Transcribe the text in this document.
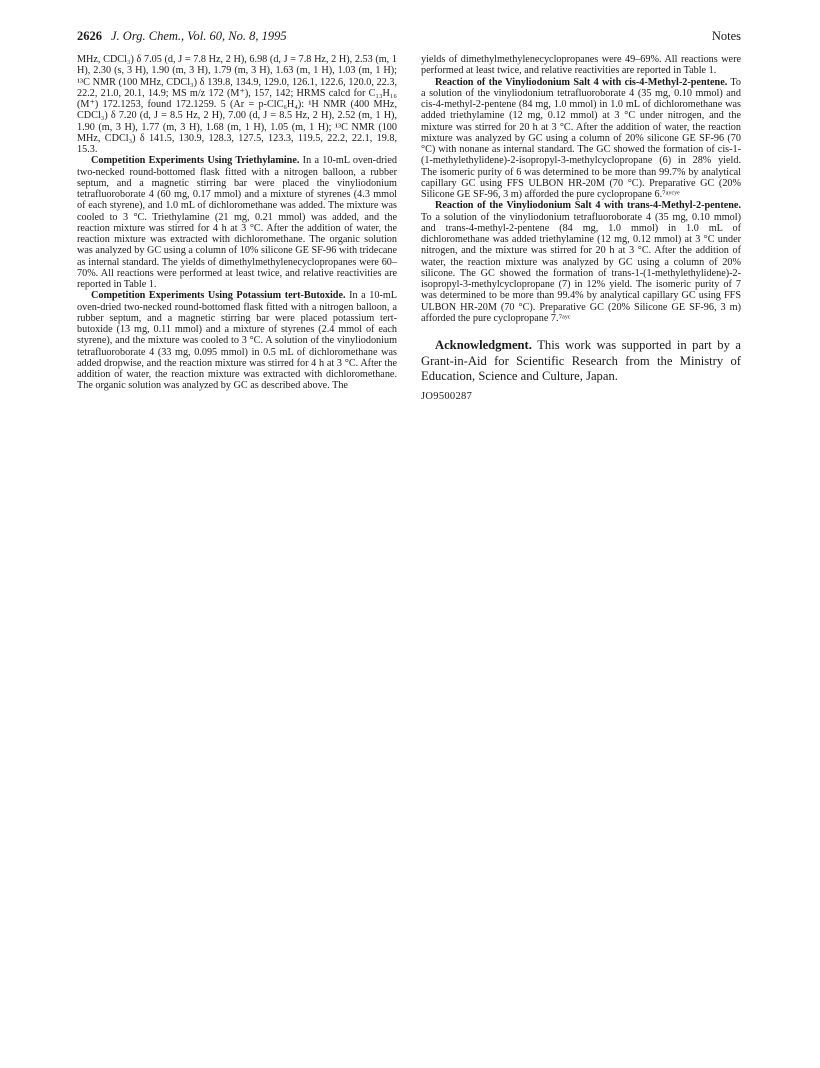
2626 J. Org. Chem., Vol. 60, No. 8, 1995	Notes

MHz, CDCl₃) δ 7.05 (d, J = 7.8 Hz, 2 H), 6.98 (d, J = 7.8 Hz, 2 H), 2.53 (m, 1 H), 2.30 (s, 3 H), 1.90 (m, 3 H), 1.79 (m, 3 H), 1.63 (m, 1 H), 1.03 (m, 1 H); ¹³C NMR (100 MHz, CDCl₃) δ 139.8, 134.9, 129.0, 126.1, 122.6, 120.0, 22.3, 22.2, 21.0, 20.1, 14.9; MS m/z 172 (M⁺), 157, 142; HRMS calcd for C₁₃H₁₆ (M⁺) 172.1253, found 172.1259. 5 (Ar = p-ClC₆H₄): ¹H NMR (400 MHz, CDCl₃) δ 7.20 (d, J = 8.5 Hz, 2 H), 7.00 (d, J = 8.5 Hz, 2 H), 2.52 (m, 1 H), 1.90 (m, 3 H), 1.77 (m, 3 H), 1.68 (m, 1 H), 1.05 (m, 1 H); ¹³C NMR (100 MHz, CDCl₃) δ 141.5, 130.9, 128.3, 127.5, 123.3, 119.5, 22.2, 22.1, 19.8, 15.3.

Competition Experiments Using Triethylamine. In a 10-mL oven-dried two-necked round-bottomed flask fitted with a nitrogen balloon, a rubber septum, and a magnetic stirring bar were placed the vinyliodonium tetrafluoroborate 4 (60 mg, 0.17 mmol) and a mixture of styrenes (4.3 mmol of each styrene), and 1.0 mL of dichloromethane was added. The mixture was cooled to 3 °C. Triethylamine (21 mg, 0.21 mmol) was added, and the reaction mixture was stirred for 4 h at 3 °C. After the addition of water, the reaction mixture was extracted with dichloromethane. The organic solution was analyzed by GC using a column of 10% silicone GE SF-96 with tridecane as internal standard. The yields of dimethylmethylenecyclopropanes were 60–70%. All reactions were performed at least twice, and relative reactivities are reported in Table 1.

Competition Experiments Using Potassium tert-Butoxide. In a 10-mL oven-dried two-necked round-bottomed flask fitted with a nitrogen balloon, a rubber septum, and a magnetic stirring bar were placed potassium tert-butoxide (13 mg, 0.11 mmol) and a mixture of styrenes (2.4 mmol of each styrene), and the mixture was cooled to 3 °C. A solution of the vinyliodonium tetrafluoroborate 4 (33 mg, 0.095 mmol) in 0.5 mL of dichloromethane was added dropwise, and the reaction mixture was stirred for 4 h at 3 °C. After the addition of water, the reaction mixture was extracted with dichloromethane. The organic solution was analyzed by GC as described above. The

yields of dimethylmethylenecyclopropanes were 49–69%. All reactions were performed at least twice, and relative reactivities are reported in Table 1.

Reaction of the Vinyliodonium Salt 4 with cis-4-Methyl-2-pentene. To a solution of the vinyliodonium tetrafluoroborate 4 (35 mg, 0.10 mmol) and cis-4-methyl-2-pentene (84 mg, 1.0 mmol) in 1.0 mL of dichloromethane was added triethylamine (12 mg, 0.12 mmol) at 3 °C under nitrogen, and the mixture was stirred for 20 h at 3 °C. After the addition of water, the reaction mixture was analyzed by GC using a column of 20% silicone GE SF-96 (70 °C) with nonane as internal standard. The GC showed the formation of cis-1-(1-methylethylidene)-2-isopropyl-3-methylcyclopropane (6) in 28% yield. The isomeric purity of 6 was determined to be more than 99.7% by analytical capillary GC using FFS ULBON HR-20M (70 °C). Preparative GC (20% Silicone GE SF-96, 3 m) afforded the pure cyclopropane 6.⁷ᵃʸᶜʸᵉ

Reaction of the Vinyliodonium Salt 4 with trans-4-Methyl-2-pentene. To a solution of the vinyliodonium tetrafluoroborate 4 (35 mg, 0.10 mmol) and trans-4-methyl-2-pentene (84 mg, 1.0 mmol) in 1.0 mL of dichloromethane was added triethylamine (12 mg, 0.12 mmol) at 3 °C under nitrogen, and the mixture was stirred for 20 h at 3 °C. After the addition of water, the reaction mixture was analyzed by GC using a column of 20% silicone. The GC showed the formation of trans-1-(1-methylethylidene)-2-isopropyl-3-methylcyclopropane (7) in 12% yield. The isomeric purity of 7 was determined to be more than 99.4% by analytical capillary GC using FFS ULBON HR-20M (70 °C). Preparative GC (20% Silicone GE SF-96, 3 m) afforded the pure cyclopropane 7.⁷ᵃʸᶜ

Acknowledgment. This work was supported in part by a Grant-in-Aid for Scientific Research from the Ministry of Education, Science and Culture, Japan.

JO9500287
